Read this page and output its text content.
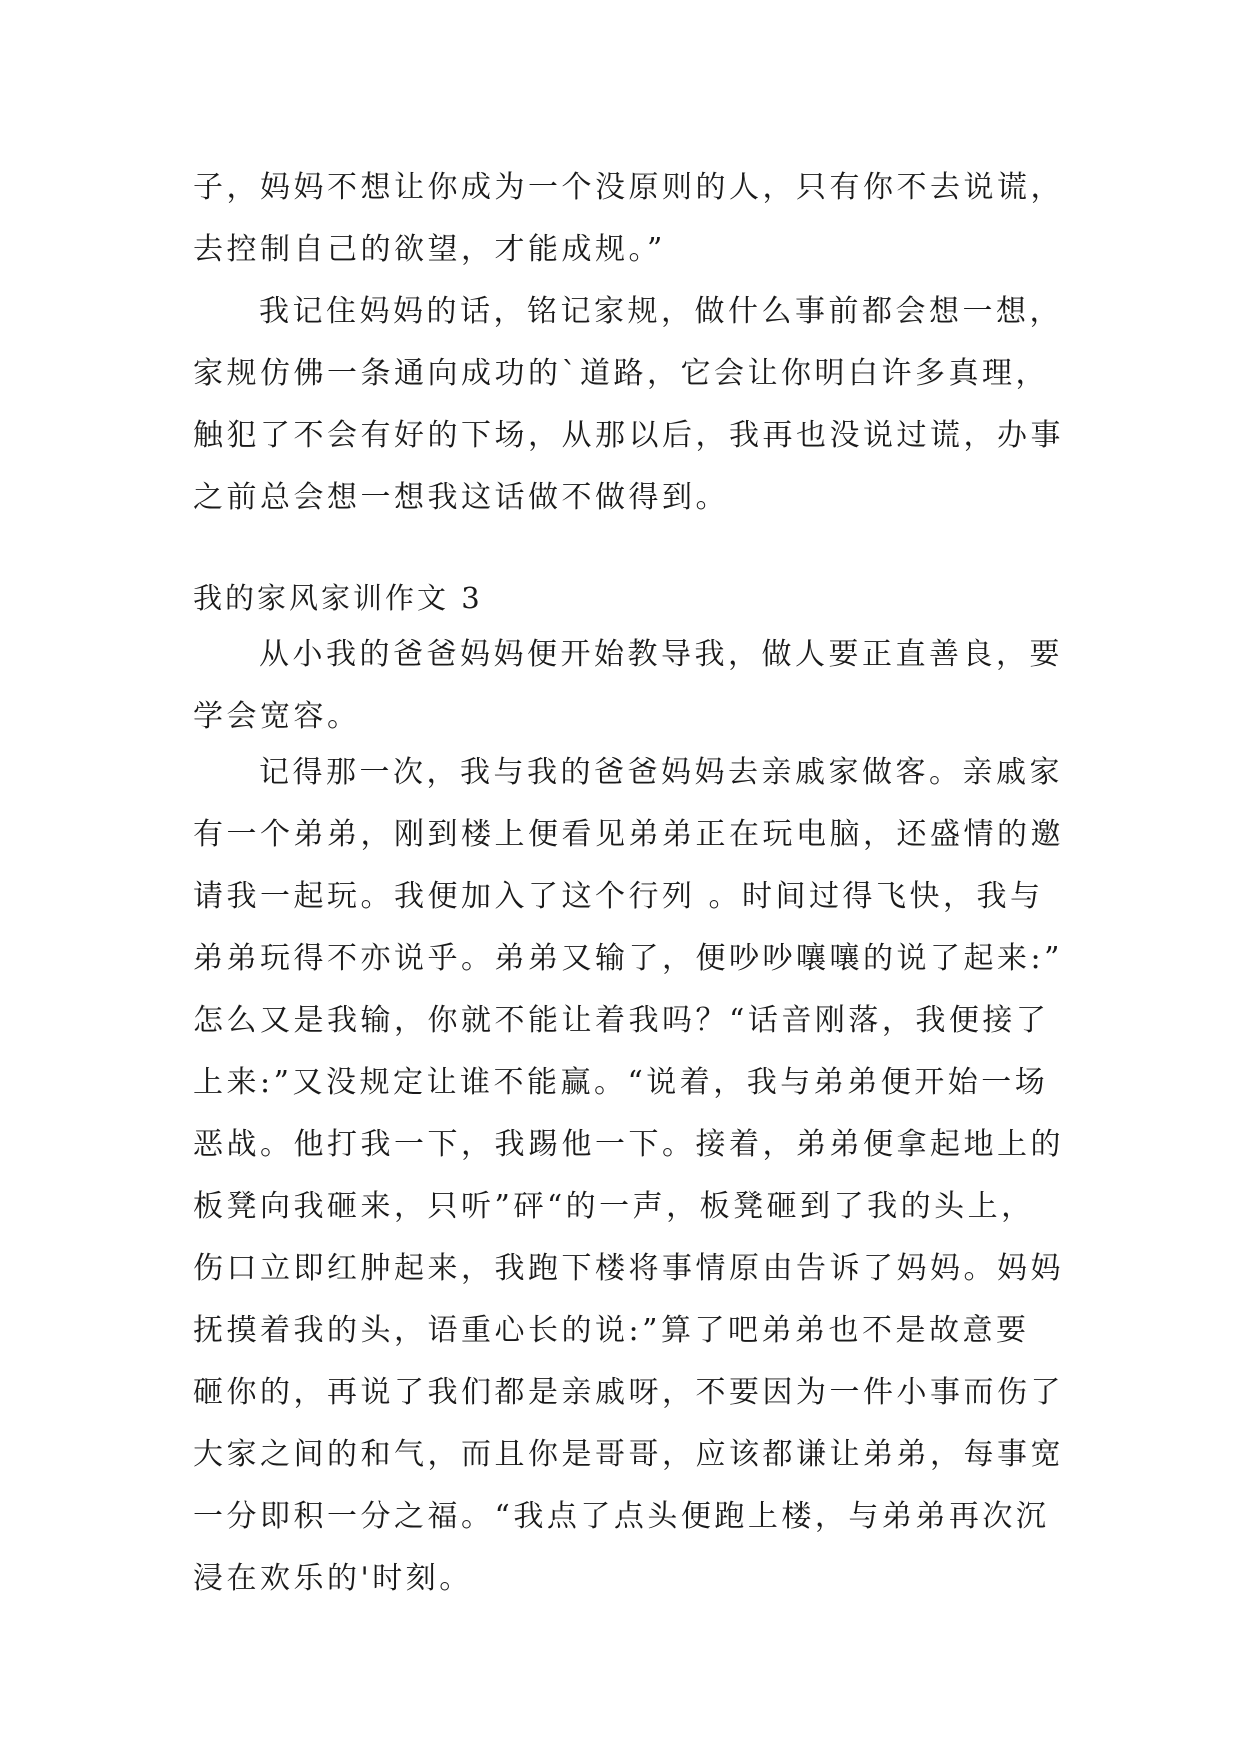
子，妈妈不想让你成为一个没原则的人，只有你不去说谎，
去控制自己的欲望，才能成规。”
我记住妈妈的话，铭记家规，做什么事前都会想一想，
家规仿佛一条通向成功的`道路，它会让你明白许多真理，
触犯了不会有好的下场，从那以后，我再也没说过谎，办事
之前总会想一想我这话做不做得到。
我的家风家训作文 3
从小我的爸爸妈妈便开始教导我，做人要正直善良，要
学会宽容。
记得那一次，我与我的爸爸妈妈去亲戚家做客。亲戚家
有一个弟弟，刚到楼上便看见弟弟正在玩电脑，还盛情的邀
请我一起玩。我便加入了这个行列 。时间过得飞快，我与
弟弟玩得不亦说乎。弟弟又输了，便吵吵嚷嚷的说了起来:”
怎么又是我输，你就不能让着我吗？“话音刚落，我便接了
上来:”又没规定让谁不能赢。“说着，我与弟弟便开始一场
恶战。他打我一下，我踢他一下。接着，弟弟便拿起地上的
板凳向我砸来，只听”砰“的一声，板凳砸到了我的头上，
伤口立即红肿起来，我跑下楼将事情原由告诉了妈妈。妈妈
抚摸着我的头，语重心长的说:”算了吧弟弟也不是故意要
砸你的，再说了我们都是亲戚呀，不要因为一件小事而伤了
大家之间的和气，而且你是哥哥，应该都谦让弟弟，每事宽
一分即积一分之福。“我点了点头便跑上楼，与弟弟再次沉
浸在欢乐的'时刻。
